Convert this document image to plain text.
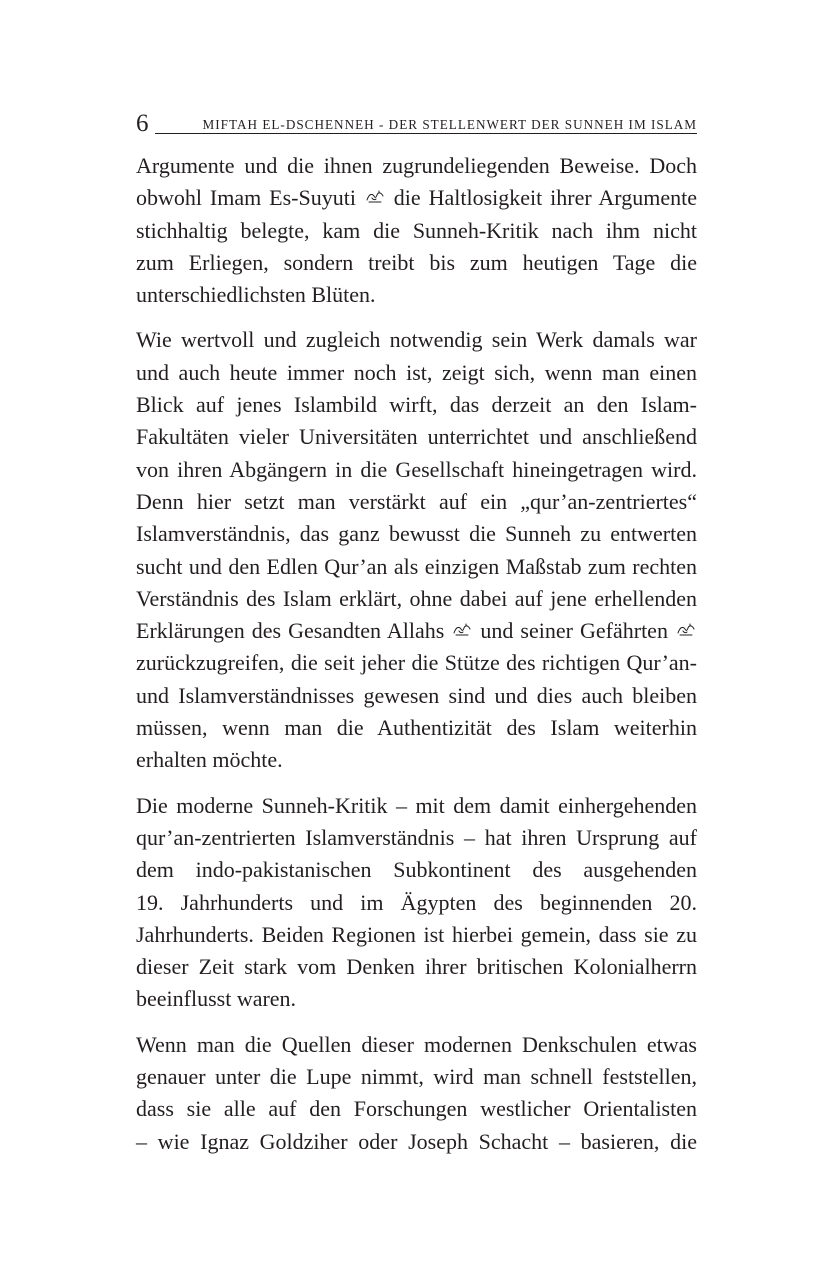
6	MIFTAH EL-DSCHENNEH - DER STELLENWERT DER SUNNEH IM ISLAM

Argumente und die ihnen zugrundeliegenden Beweise. Doch
obwohl Imam Es-Suyuti
die Haltlosigkeit ihrer Argumente
stichhaltig belegte, kam die Sunneh-Kritik nach ihm nicht
zum Erliegen, sondern treibt bis zum heutigen Tage die
unterschiedlichsten Blüten.

Wie wertvoll und zugleich notwendig sein Werk damals war
und auch heute immer noch ist, zeigt sich, wenn man einen
Blick auf jenes Islambild wirft, das derzeit an den Islam-
Fakultäten vieler Universitäten unterrichtet und anschließend
von ihren Abgängern in die Gesellschaft hineingetragen wird.
Denn hier setzt man verstärkt auf ein „qur’an-zentriertes“
Islamverständnis, das ganz bewusst die Sunneh zu entwerten
sucht und den Edlen Qur’an als einzigen Maßstab zum rechten
Verständnis des Islam erklärt, ohne dabei auf jene erhellenden
Erklärungen des Gesandten Allahs
und seiner Gefährten
zurückzugreifen, die seit jeher die Stütze des richtigen Qur’an-
und Islamverständnisses gewesen sind und dies auch bleiben
müssen, wenn man die Authentizität des Islam weiterhin
erhalten möchte.

Die moderne Sunneh-Kritik – mit dem damit einhergehenden
qur’an-zentrierten Islamverständnis – hat ihren Ursprung auf
dem indo-pakistanischen Subkontinent des ausgehenden
19. Jahrhunderts und im Ägypten des beginnenden 20.
Jahrhunderts. Beiden Regionen ist hierbei gemein, dass sie zu
dieser Zeit stark vom Denken ihrer britischen Kolonialherrn
beeinflusst waren.

Wenn man die Quellen dieser modernen Denkschulen etwas
genauer unter die Lupe nimmt, wird man schnell feststellen,
dass sie alle auf den Forschungen westlicher Orientalisten
– wie Ignaz Goldziher oder Joseph Schacht – basieren, die
